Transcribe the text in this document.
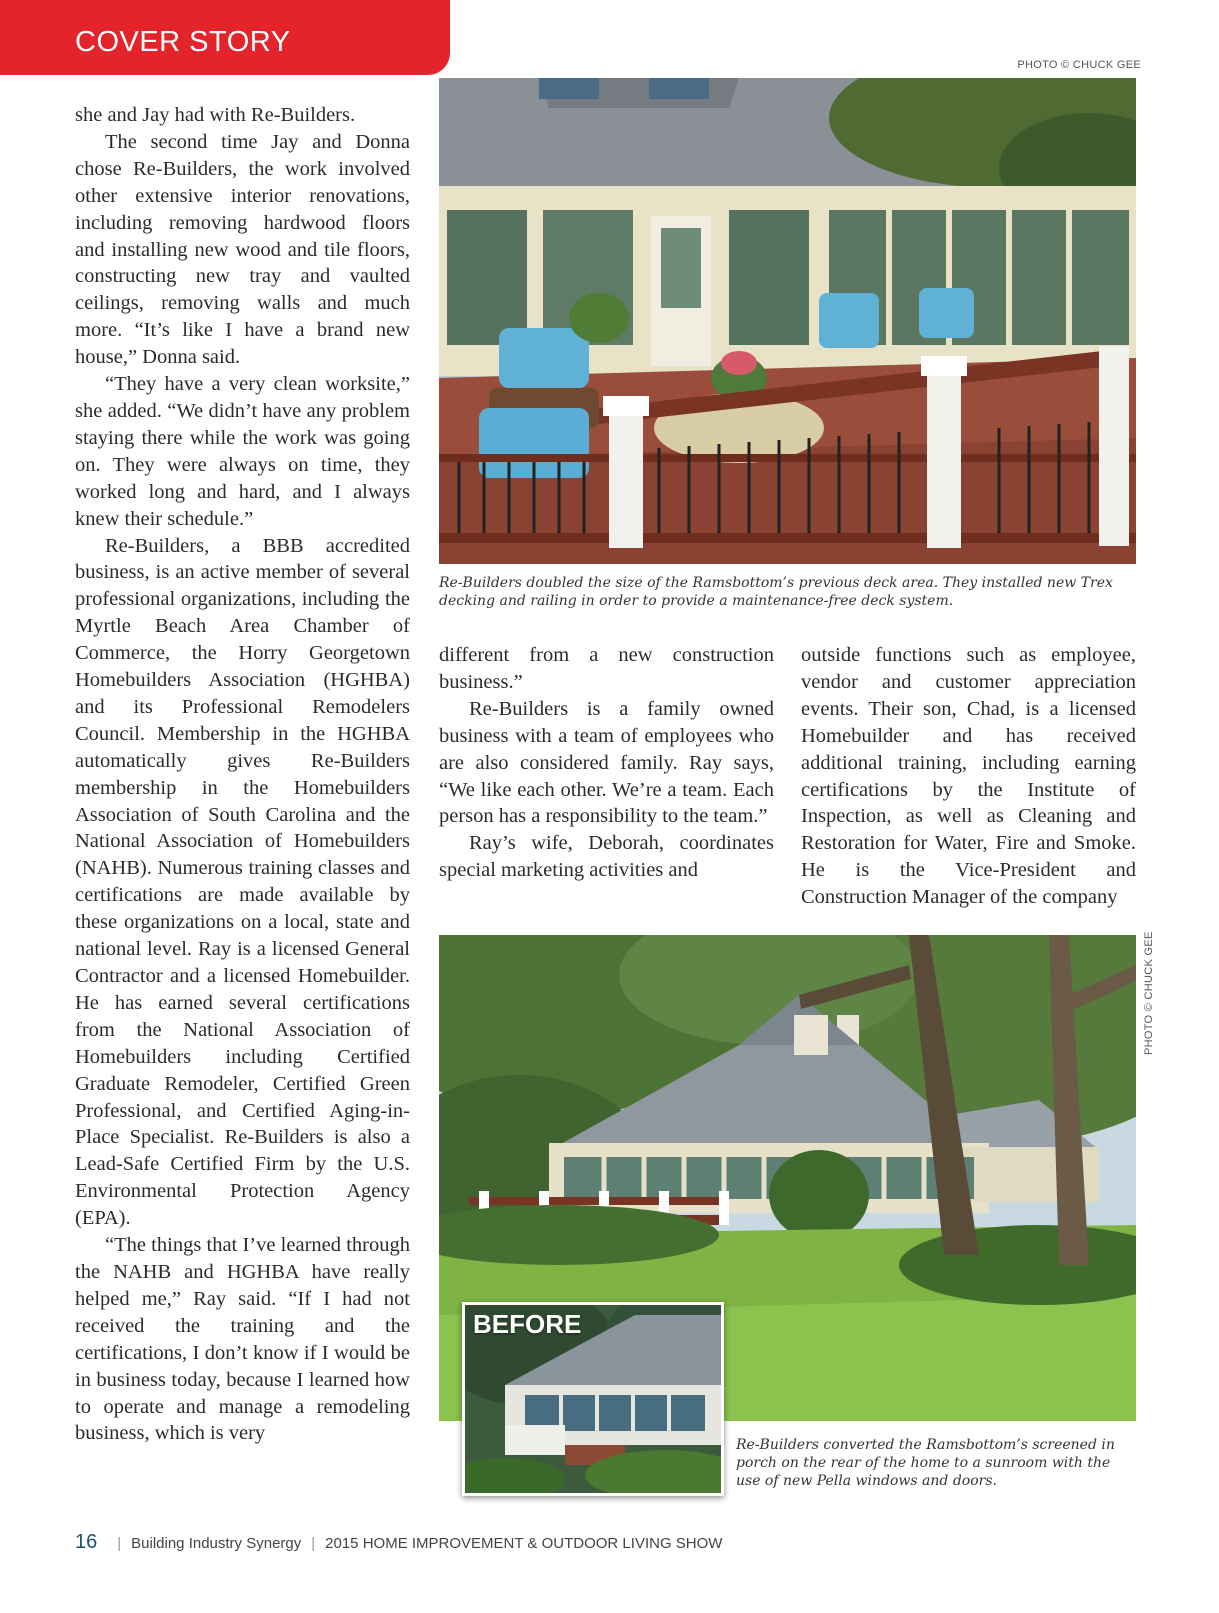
COVER STORY
PHOTO © CHUCK GEE

she and Jay had with Re-Builders.

The second time Jay and Donna chose Re-Builders, the work involved other extensive interior renovations, including removing hardwood floors and installing new wood and tile floors, constructing new tray and vaulted ceilings, removing walls and much more. “It’s like I have a brand new house,” Donna said.

“They have a very clean worksite,” she added. “We didn’t have any problem staying there while the work was going on. They were always on time, they worked long and hard, and I always knew their schedule.”

Re-Builders, a BBB accredited business, is an active member of several professional organizations, including the Myrtle Beach Area Chamber of Commerce, the Horry Georgetown Homebuilders Association (HGHBA) and its Professional Remodelers Council. Membership in the HGHBA automatically gives Re-Builders membership in the Homebuilders Association of South Carolina and the National Association of Homebuilders (NAHB). Numerous training classes and certifications are made available by these organizations on a local, state and national level. Ray is a licensed General Contractor and a licensed Homebuilder. He has earned several certifications from the National Association of Homebuilders including Certified Graduate Remodeler, Certified Green Professional, and Certified Aging-in-Place Specialist. Re-Builders is also a Lead-Safe Certified Firm by the U.S. Environmental Protection Agency (EPA).

“The things that I’ve learned through the NAHB and HGHBA have really helped me,” Ray said. “If I had not received the training and the certifications, I don’t know if I would be in business today, because I learned how to operate and manage a remodeling business, which is very

Re-Builders doubled the size of the Ramsbottom’s previous deck area. They installed new Trex decking and railing in order to provide a maintenance-free deck system.

different from a new construction business.”

Re-Builders is a family owned business with a team of employees who are also considered family. Ray says, “We like each other. We’re a team. Each person has a responsibility to the team.”

Ray’s wife, Deborah, coordinates special marketing activities and

outside functions such as employee, vendor and customer appreciation events. Their son, Chad, is a licensed Homebuilder and has received additional training, including earning certifications by the Institute of Inspection, as well as Cleaning and Restoration for Water, Fire and Smoke. He is the Vice-President and Construction Manager of the company

BEFORE
PHOTO © CHUCK GEE

Re-Builders converted the Ramsbottom’s screened in porch on the rear of the home to a sunroom with the use of new Pella windows and doors.

16 | Building Industry Synergy | 2015 HOME IMPROVEMENT & OUTDOOR LIVING SHOW
